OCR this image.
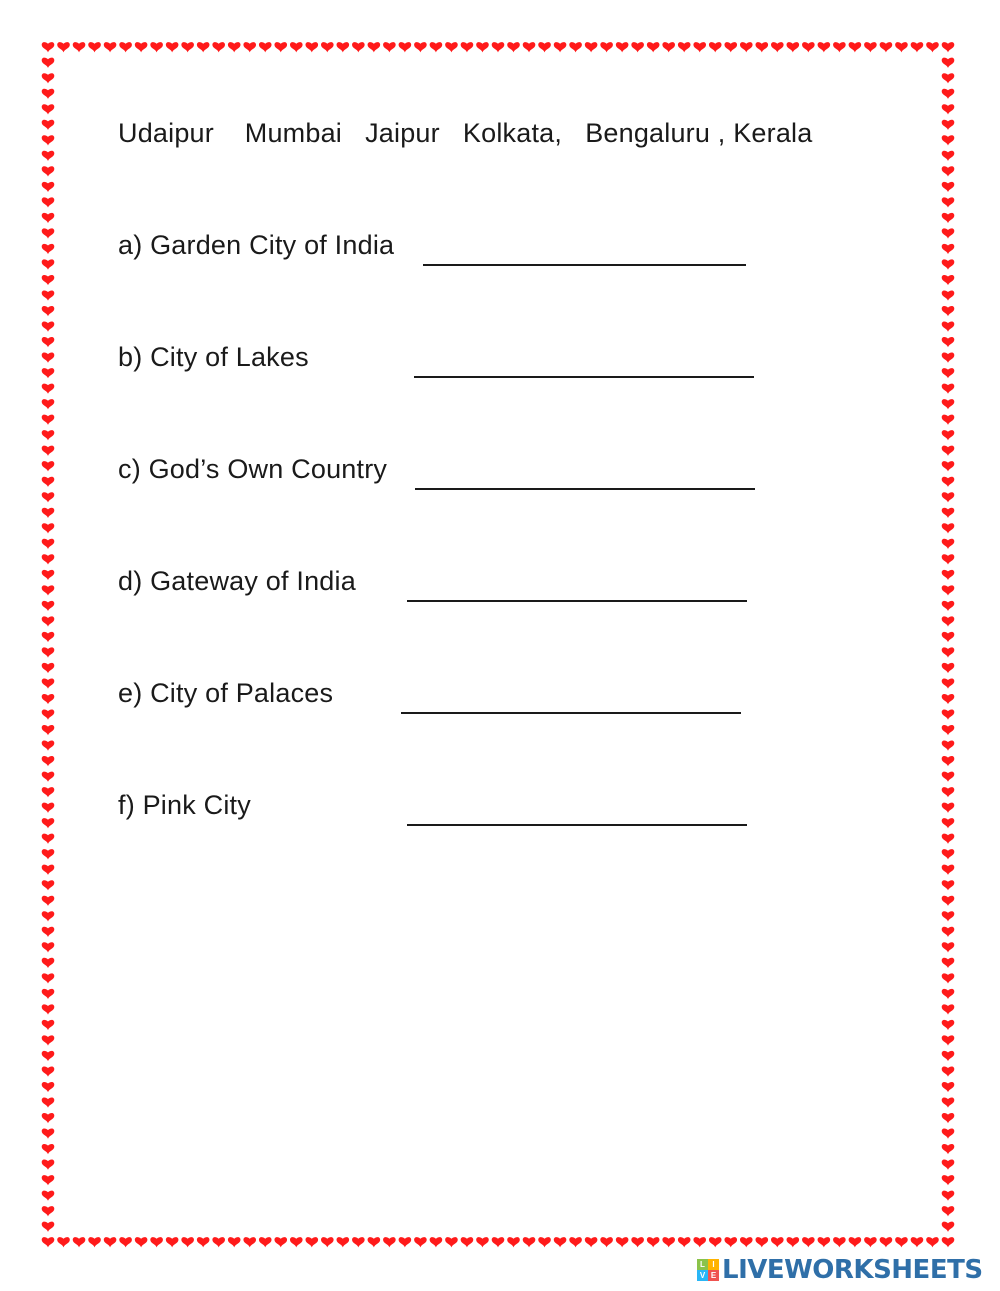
Udaipur    Mumbai   Jaipur   Kolkata,   Bengaluru , Kerala
a) Garden City of India
b) City of Lakes
c) God’s Own Country
d) Gateway of India
e) City of Palaces
f) Pink City
L I
V E LIVEWORKSHEETS
